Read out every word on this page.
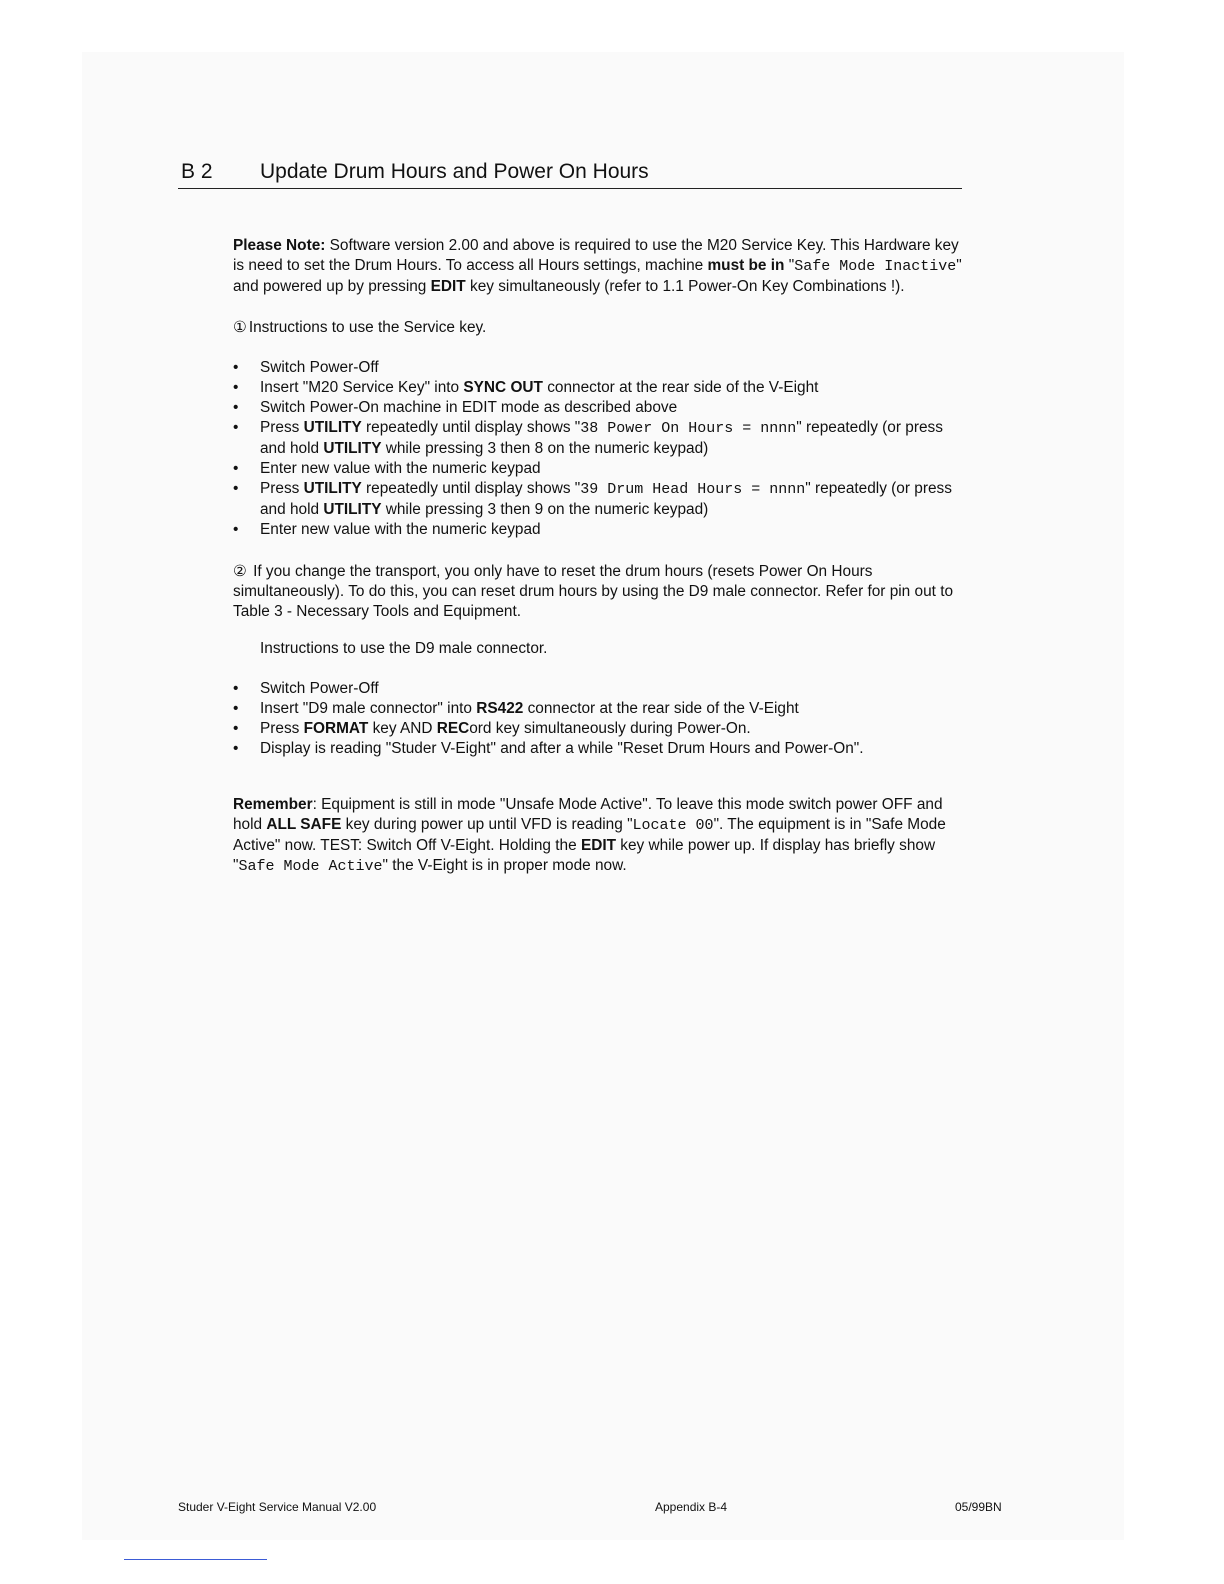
B 2 Update Drum Hours and Power On Hours

Please Note: Software version 2.00 and above is required to use the M20 Service Key. This Hardware key is need to set the Drum Hours. To access all Hours settings, machine must be in "Safe Mode Inactive" and powered up by pressing EDIT key simultaneously (refer to 1.1 Power-On Key Combinations !).

① Instructions to use the Service key.

• Switch Power-Off
• Insert "M20 Service Key" into SYNC OUT connector at the rear side of the V-Eight
• Switch Power-On machine in EDIT mode as described above
• Press UTILITY repeatedly until display shows "38 Power On Hours = nnnn" repeatedly (or press and hold UTILITY while pressing 3 then 8 on the numeric keypad)
• Enter new value with the numeric keypad
• Press UTILITY repeatedly until display shows "39 Drum Head Hours = nnnn" repeatedly (or press and hold UTILITY while pressing 3 then 9 on the numeric keypad)
• Enter new value with the numeric keypad

② If you change the transport, you only have to reset the drum hours (resets Power On Hours simultaneously). To do this, you can reset drum hours by using the D9 male connector. Refer for pin out to Table 3 - Necessary Tools and Equipment.

Instructions to use the D9 male connector.

• Switch Power-Off
• Insert "D9 male connector" into RS422 connector at the rear side of the V-Eight
• Press FORMAT key AND RECord key simultaneously during Power-On.
• Display is reading "Studer V-Eight" and after a while "Reset Drum Hours and Power-On".

Remember: Equipment is still in mode "Unsafe Mode Active". To leave this mode switch power OFF and hold ALL SAFE key during power up until VFD is reading "Locate 00". The equipment is in "Safe Mode Active" now. TEST: Switch Off V-Eight. Holding the EDIT key while power up. If display has briefly show "Safe Mode Active" the V-Eight is in proper mode now.

Studer V-Eight Service Manual V2.00	Appendix B-4	05/99BN
